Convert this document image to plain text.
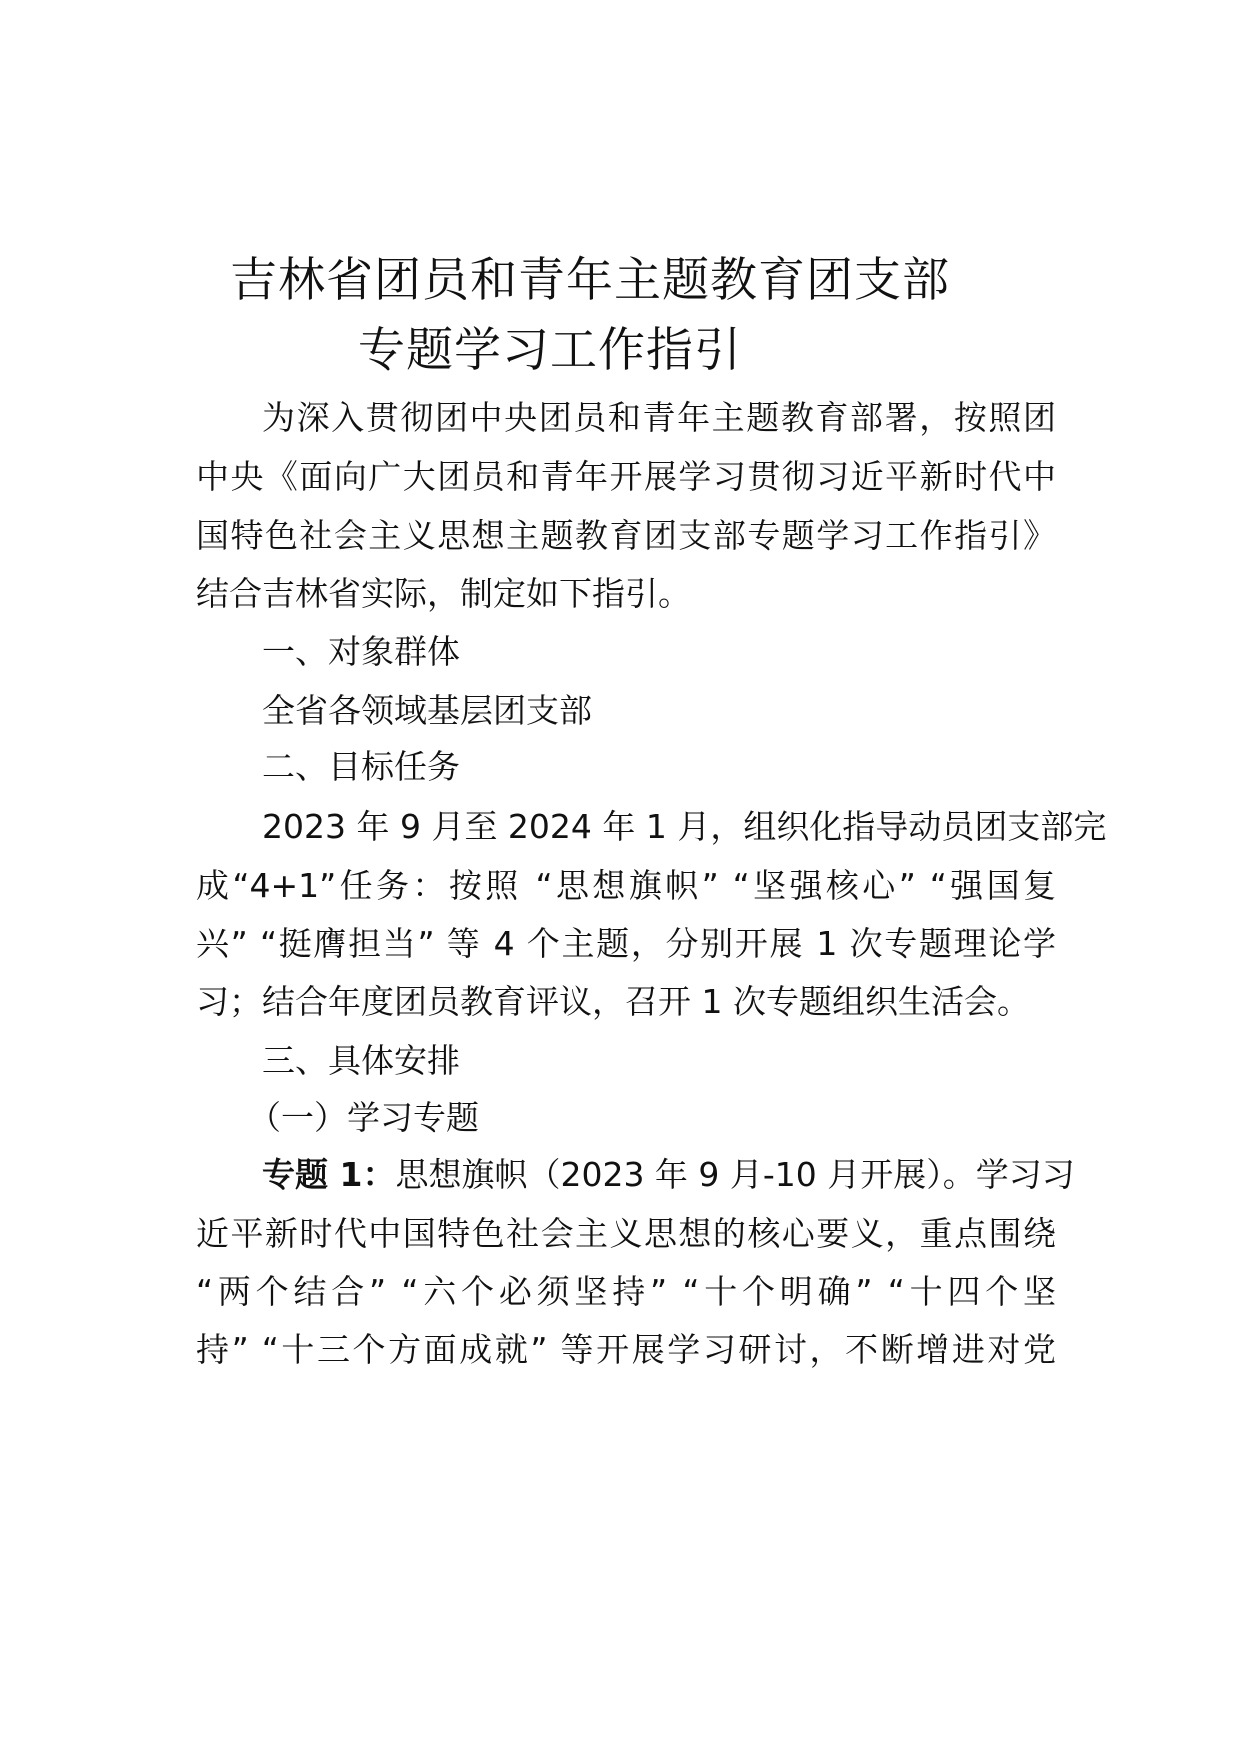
吉林省团员和青年主题教育团支部
专题学习工作指引
为深入贯彻团中央团员和青年主题教育部署，按照团
中央《面向广大团员和青年开展学习贯彻习近平新时代中
国特色社会主义思想主题教育团支部专题学习工作指引》
结合吉林省实际，制定如下指引。
一、对象群体
全省各领域基层团支部
二、目标任务
2023 年 9 月至 2024 年 1 月，组织化指导动员团支部完
成“4+1”任务：按照 “思想旗帜” “坚强核心” “强国复
兴” “挺膺担当” 等 4 个主题，分别开展 1 次专题理论学
习；结合年度团员教育评议，召开 1 次专题组织生活会。
三、具体安排
（一）学习专题
专题 1：思想旗帜（2023 年 9 月-10 月开展）。学习习
近平新时代中国特色社会主义思想的核心要义，重点围绕
“两个结合” “六个必须坚持” “十个明确” “十四个坚
持” “十三个方面成就” 等开展学习研讨，不断增进对党
